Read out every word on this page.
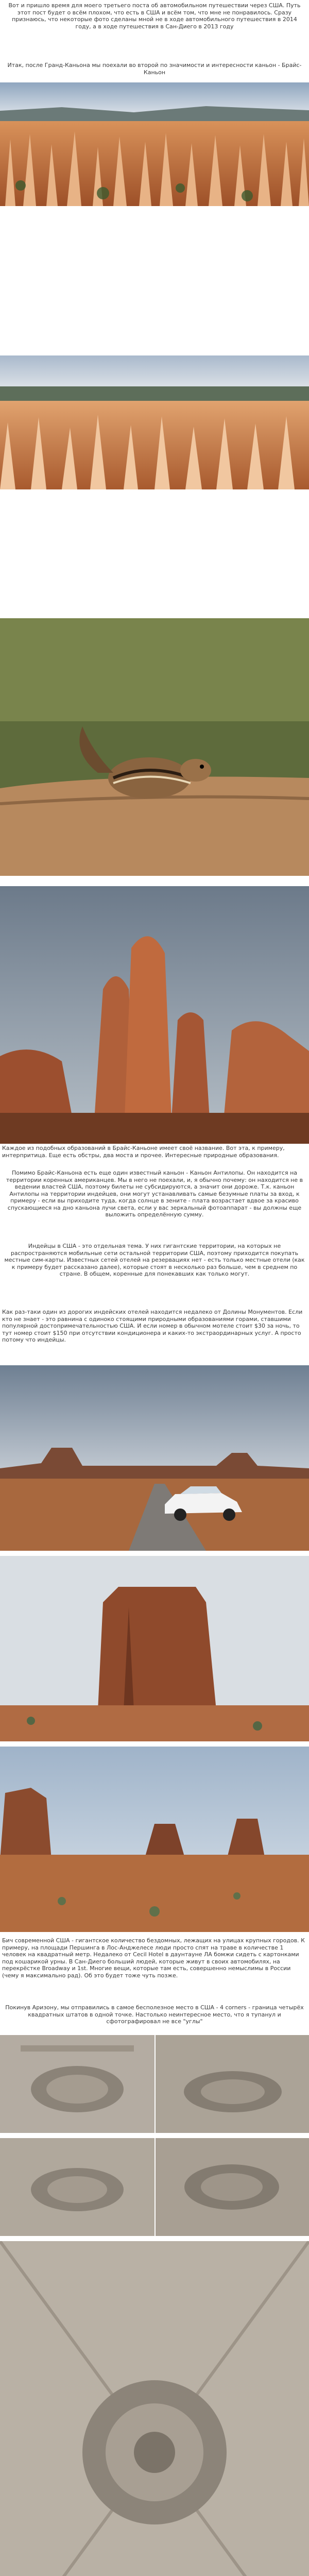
Вот и пришло время для моего третьего поста об автомобильном путешествии через США. Путь этот пост будет о всём плохом, что есть в США и всём том, что мне не понравилось. Сразу признаюсь, что некоторые фото сделаны мной не в ходе автомобильного путешествия в 2014 году, а в ходе путешествия в Сан-Диего в 2013 году
Итак, после Гранд-Каньона мы поехали во второй по значимости и интересности каньон - Брайс-Каньон
Каждое из подобных образований в Брайс-Каньоне имеет своё название. Вот эта, к примеру, интерпритица. Еще есть обстры, два моста и прочее. Интересные природные образования.
Помимо Брайс-Каньона есть еще один известный каньон - Каньон Антилопы. Он находится на территории коренных американцев. Мы в него не поехали, и, я обычно почему: он находится не в ведении властей США, поэтому билеты не субсидируются, а значит они дороже. Т.к. каньон Антилопы на территории индейцев, они могут устанавливать самые безумные платы за вход, к примеру - если вы приходите туда, когда солнце в зените - плата возрастает вдвое за красиво спускающиеся на дно каньона лучи света, если у вас зеркальный фотоаппарат - вы должны еще выложить определённую сумму.
Индейцы в США - это отдельная тема. У них гигантские территории, на которых не распространяются мобильные сети остальной территории США, поэтому приходится покупать местные сим-карты. Известных сетей отелей на резервациях нет - есть только местные отели (как к примеру будет рассказано далее), которые стоят в несколько раз больше, чем в среднем по стране. В общем, коренные для понекавших как только могут.
Как раз-таки один из дорогих индейских отелей находится недалеко от Долины Монументов. Если кто не знает - это равнина с одиноко стоящими природными образованиями горами, ставшими популярной достопримечательностью США. И если номер в обычном мотеле стоит $30 за ночь, то тут номер стоит $150 при отсутствии кондиционера и каких-то экстраординарных услуг. А просто потому что индейцы.
Бич современной США - гигантское количество бездомных, лежащих на улицах крупных городов. К примеру, на площади Першинга в Лос-Анджелесе люди просто спят на траве в количестве 1 человек на квадратный метр. Недалеко от Cecil Hotel в даунтауне ЛА бомжи сидеть с картонками под кошарикой урны. В Сан-Диего больший людей, которые живут в своих автомобилях, на перекрёстке Broadway и 1st. Многие вещи, которые там есть, совершенно немыслимы в России (чему я максимально рад). Об это будет тоже чуть позже.
Покинув Аризону, мы отправились в самое бесполезное место в США - 4 corners - граница четырёх квадратных штатов в одной точке. Настолько неинтересное место, что я тупанул и сфотографировал не все "углы"
